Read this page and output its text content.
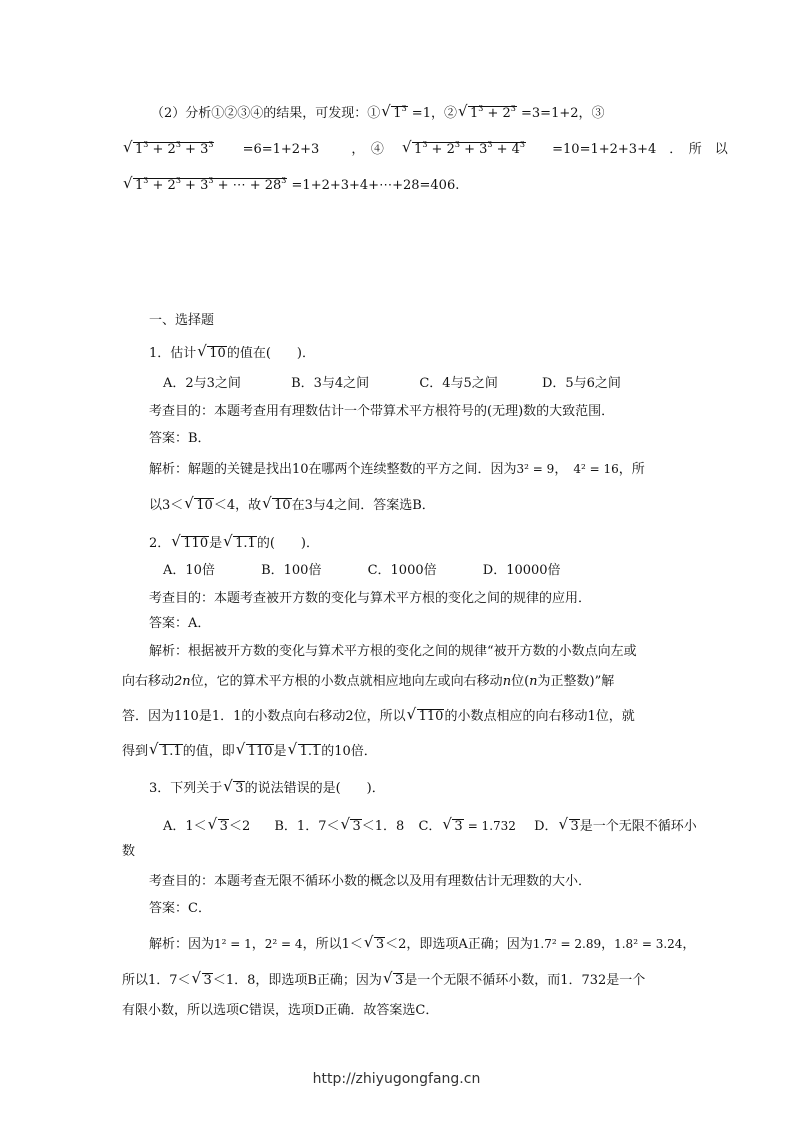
（2）分析①②③④的结果，可发现：① √ $1^3 =1$，② √ $1^3 + 2^3 =3=1+2$，③
√ $1^3 + 2^3 + 3^3 =6=1+2+3$ ，　④ √ $1^3 + 2^3 + 3^3 + 4^3 =10=1+2+3+4$　．　所　以
√ $1^3 + 2^3 + 3^3$ + ⋯ + $28^3$ =1+2+3+4+⋯+28=406.
一、选择题
1．估计 √ 10的值在(　　)．
A．2与3之间	B．3与4之间	C．4与5之间	D．5与6之间
考查目的：本题考查用有理数估计一个带算术平方根符号的(无理)数的大致范围．
答案：B．
解析：解题的关键是找出10在哪两个连续整数的平方之间．因为3² = 9， 4² = 16，所
以3＜ √ 10＜4，故 √ 10在3与4之间．答案选B．
2． √ 110是 √ 1.1的(　　)．
A．10倍	B．100倍	C．1000倍	D．10000倍
考查目的：本题考查被开方数的变化与算术平方根的变化之间的规律的应用．
答案：A．
解析：根据被开方数的变化与算术平方根的变化之间的规律“被开方数的小数点向左或
向右移动2n位，它的算术平方根的小数点就相应地向左或向右移动n位(n为正整数)”解
答．因为110是1．1的小数点向右移动2位，所以 √ 110的小数点相应的向右移动1位，就
得到 √ 1.1的值，即 √ 110是 √ 1.1的10倍．
3．下列关于 √ 3的说法错误的是(　　)．
A．1＜ √ 3＜2 B．1．7＜ √ 3＜1．8 C． √ 3 = 1.732 D． √ 3是一个无限不循环小
数
考查目的：本题考查无限不循环小数的概念以及用有理数估计无理数的大小．
答案：C．
解析：因为1² = 1，2² = 4，所以1＜ √ 3＜2，即选项A正确；因为1.7² = 2.89，1.8² = 3.24，
所以1．7＜ √ 3＜1．8，即选项B正确；因为 √ 3是一个无限不循环小数，而1．732是一个
有限小数，所以选项C错误，选项D正确．故答案选C．
http://zhiyugongfang.cn
